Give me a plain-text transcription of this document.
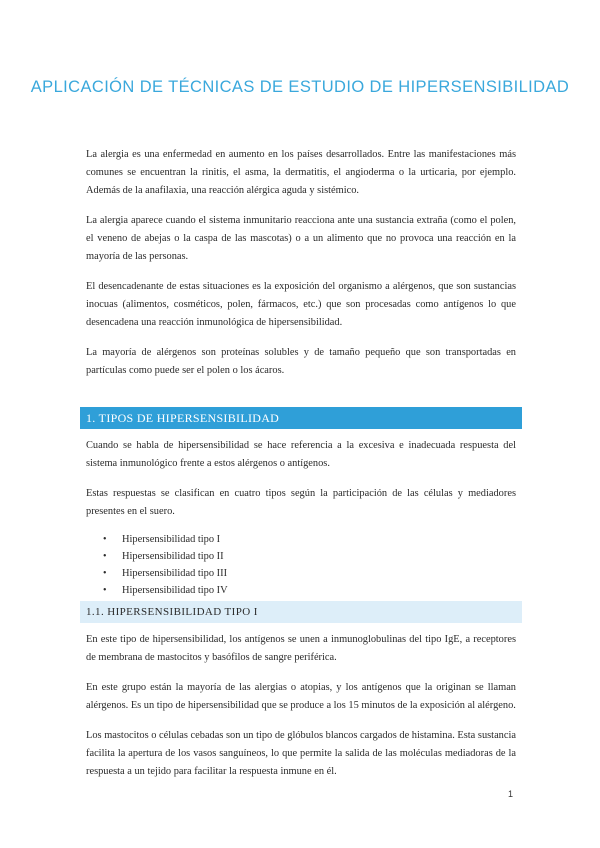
APLICACIÓN DE TÉCNICAS DE ESTUDIO DE HIPERSENSIBILIDAD

La alergia es una enfermedad en aumento en los países desarrollados. Entre las manifestaciones más comunes se encuentran la rinitis, el asma, la dermatitis, el angioderma o la urticaria, por ejemplo. Además de la anafilaxia, una reacción alérgica aguda y sistémico.

La alergia aparece cuando el sistema inmunitario reacciona ante una sustancia extraña (como el polen, el veneno de abejas o la caspa de las mascotas) o a un alimento que no provoca una reacción en la mayoría de las personas.

El desencadenante de estas situaciones es la exposición del organismo a alérgenos, que son sustancias inocuas (alimentos, cosméticos, polen, fármacos, etc.) que son procesadas como antígenos lo que desencadena una reacción inmunológica de hipersensibilidad.

La mayoría de alérgenos son proteínas solubles y de tamaño pequeño que son transportadas en partículas como puede ser el polen o los ácaros.

1. TIPOS DE HIPERSENSIBILIDAD

Cuando se habla de hipersensibilidad se hace referencia a la excesiva e inadecuada respuesta del sistema inmunológico frente a estos alérgenos o antígenos.

Estas respuestas se clasifican en cuatro tipos según la participación de las células y mediadores presentes en el suero.

• Hipersensibilidad tipo I
• Hipersensibilidad tipo II
• Hipersensibilidad tipo III
• Hipersensibilidad tipo IV
1.1. HIPERSENSIBILIDAD TIPO I

En este tipo de hipersensibilidad, los antígenos se unen a inmunoglobulinas del tipo IgE, a receptores de membrana de mastocitos y basófilos de sangre periférica.

En este grupo están la mayoría de las alergias o atopias, y los antígenos que la originan se llaman alérgenos. Es un tipo de hipersensibilidad que se produce a los 15 minutos de la exposición al alérgeno.

Los mastocitos o células cebadas son un tipo de glóbulos blancos cargados de histamina. Esta sustancia facilita la apertura de los vasos sanguíneos, lo que permite la salida de las moléculas mediadoras de la respuesta a un tejido para facilitar la respuesta inmune en él.

1
